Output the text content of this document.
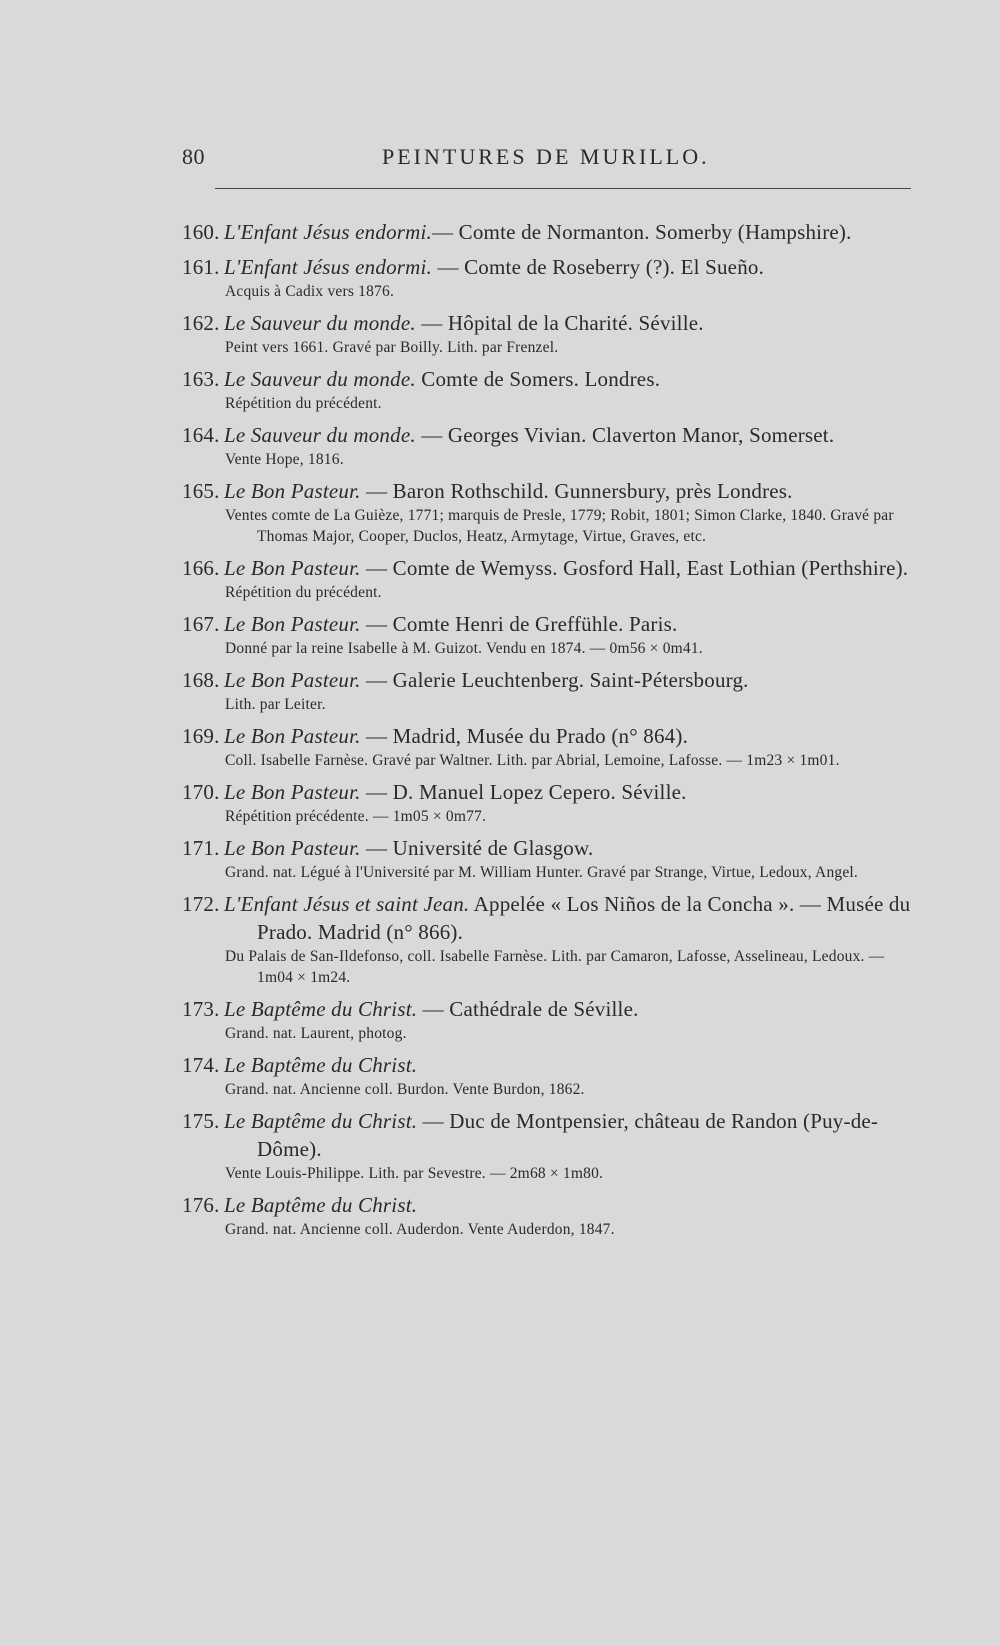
80	PEINTURES DE MURILLO.
160. L'Enfant Jésus endormi.— Comte de Normanton. Somerby (Hampshire).
161. L'Enfant Jésus endormi. — Comte de Roseberry (?). El Sueño.
Acquis à Cadix vers 1876.
162. Le Sauveur du monde. — Hôpital de la Charité. Séville.
Peint vers 1661. Gravé par Boilly. Lith. par Frenzel.
163. Le Sauveur du monde. Comte de Somers. Londres.
Répétition du précédent.
164. Le Sauveur du monde. — Georges Vivian. Claverton Manor, Somerset.
Vente Hope, 1816.
165. Le Bon Pasteur. — Baron Rothschild. Gunnersbury, près Londres.
Ventes comte de La Guièze, 1771; marquis de Presle, 1779; Robit, 1801; Simon Clarke, 1840. Gravé par Thomas Major, Cooper, Duclos, Heatz, Armytage, Virtue, Graves, etc.
166. Le Bon Pasteur. — Comte de Wemyss. Gosford Hall, East Lothian (Perthshire).
Répétition du précédent.
167. Le Bon Pasteur. — Comte Henri de Greffühle. Paris.
Donné par la reine Isabelle à M. Guizot. Vendu en 1874. — 0m56 × 0m41.
168. Le Bon Pasteur. — Galerie Leuchtenberg. Saint-Pétersbourg.
Lith. par Leiter.
169. Le Bon Pasteur. — Madrid, Musée du Prado (n° 864).
Coll. Isabelle Farnèse. Gravé par Waltner. Lith. par Abrial, Lemoine, Lafosse. — 1m23 × 1m01.
170. Le Bon Pasteur. — D. Manuel Lopez Cepero. Séville.
Répétition précédente. — 1m05 × 0m77.
171. Le Bon Pasteur. — Université de Glasgow.
Grand. nat. Légué à l'Université par M. William Hunter. Gravé par Strange, Virtue, Ledoux, Angel.
172. L'Enfant Jésus et saint Jean. Appelée « Los Niños de la Concha ». — Musée du Prado. Madrid (n° 866).
Du Palais de San-Ildefonso, coll. Isabelle Farnèse. Lith. par Camaron, Lafosse, Asselineau, Ledoux. — 1m04 × 1m24.
173. Le Baptême du Christ. — Cathédrale de Séville.
Grand. nat. Laurent, photog.
174. Le Baptême du Christ.
Grand. nat. Ancienne coll. Burdon. Vente Burdon, 1862.
175. Le Baptême du Christ. — Duc de Montpensier, château de Randon (Puy-de-Dôme).
Vente Louis-Philippe. Lith. par Sevestre. — 2m68 × 1m80.
176. Le Baptême du Christ.
Grand. nat. Ancienne coll. Auderdon. Vente Auderdon, 1847.
